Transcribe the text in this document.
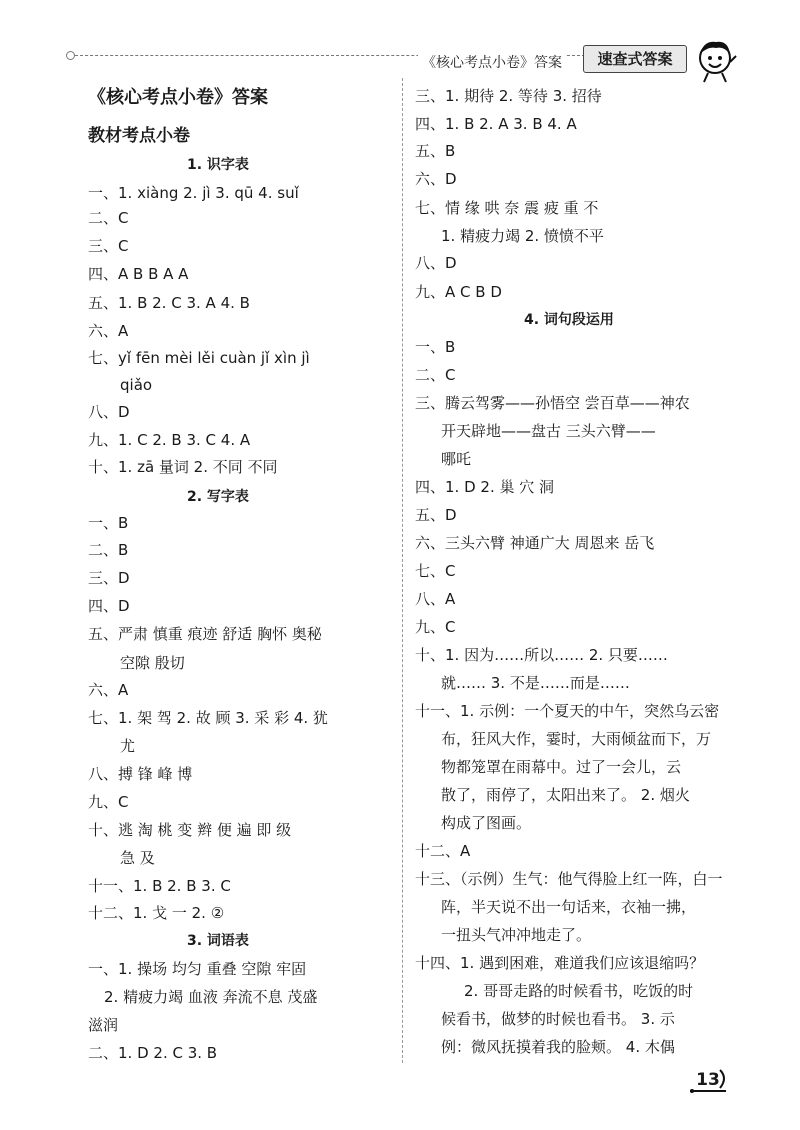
《核心考点小卷》答案	速查式答案
《核心考点小卷》答案
教材考点小卷
1. 识字表
一、1. xiàng 2. jì 3. qū 4. suǐ
二、C
三、C
四、A B B A A
五、1. B 2. C 3. A 4. B
六、A
七、yǐ fēn mèi lěi cuàn jǐ xìn jì
qiǎo
八、D
九、1. C 2. B 3. C 4. A
十、1. zā 量词 2. 不同 不同
2. 写字表
一、B
二、B
三、D
四、D
五、严肃 慎重 痕迹 舒适 胸怀 奥秘
空隙 殷切
六、A
七、1. 架 驾 2. 故 顾 3. 采 彩 4. 犹
尤
八、搏 锋 峰 博
九、C
十、逃 淘 桃 变 辫 便 遍 即 级
急 及
十一、1. B 2. B 3. C
十二、1. 戈 一 2. ②
3. 词语表
一、1. 操场 均匀 重叠 空隙 牢固
2. 精疲力竭 血液 奔流不息 茂盛
滋润
二、1. D 2. C 3. B
三、1. 期待 2. 等待 3. 招待
四、1. B 2. A 3. B 4. A
五、B
六、D
七、情 缘 哄 奈 震 疲 重 不
1. 精疲力竭 2. 愤愤不平
八、D
九、A C B D
4. 词句段运用
一、B
二、C
三、腾云驾雾——孙悟空 尝百草——神农
开天辟地——盘古 三头六臂——
哪吒
四、1. D 2. 巢 穴 洞
五、D
六、三头六臂 神通广大 周恩来 岳飞
七、C
八、A
九、C
十、1. 因为……所以…… 2. 只要……
就…… 3. 不是……而是……
十一、1. 示例：一个夏天的中午，突然乌云密
布，狂风大作，霎时，大雨倾盆而下，万
物都笼罩在雨幕中。过了一会儿，云
散了，雨停了，太阳出来了。 2. 烟火
构成了图画。
十二、A
十三、（示例）生气：他气得脸上红一阵，白一
阵，半天说不出一句话来，衣袖一拂，
一扭头气冲冲地走了。
十四、1. 遇到困难，难道我们应该退缩吗？
2. 哥哥走路的时候看书，吃饭的时
候看书，做梦的时候也看书。 3. 示
例：微风抚摸着我的脸颊。 4. 木偶
13
